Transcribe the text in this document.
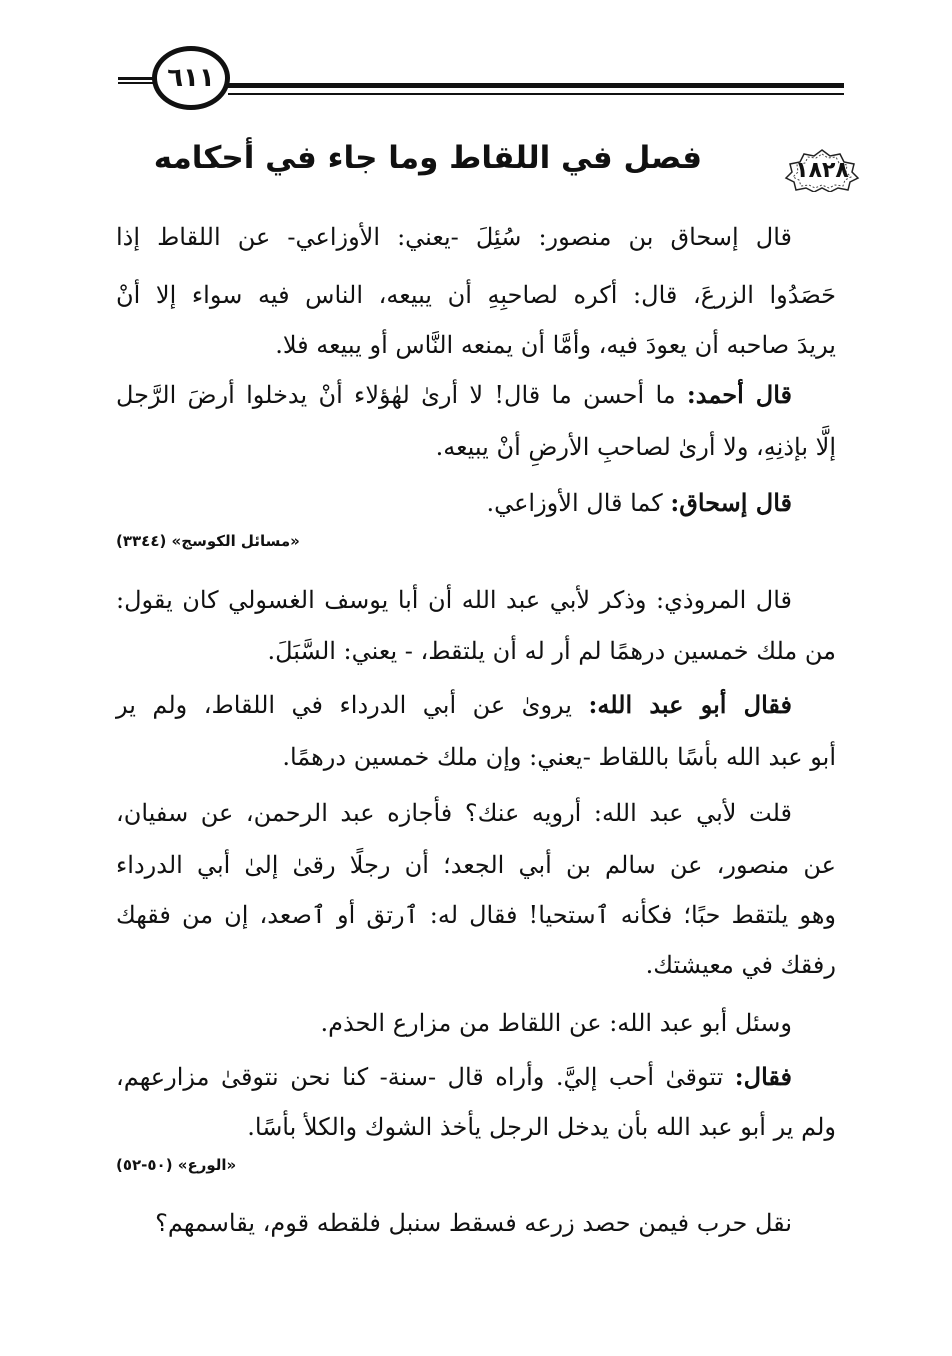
٦١١
١٨٢٨
فصل في اللقاط وما جاء في أحكامه
قال إسحاق بن منصور: سُئِلَ -يعني: الأوزاعي- عن اللقاط إذا
حَصَدُوا الزرعَ، قال: أكره لصاحبِهِ أن يبيعه، الناس فيه سواء إلا أنْ
يريدَ صاحبه أن يعودَ فيه، وأمَّا أن يمنعه النَّاس أو يبيعه فلا.
قال أحمد: ما أحسن ما قال! لا أرىٰ لهٰؤلاء أنْ يدخلوا أرضَ الرَّجل
إلَّا بإذنِهِ، ولا أرىٰ لصاحبِ الأرضِ أنْ يبيعه.
قال إسحاق: كما قال الأوزاعي.
«مسائل الكوسج» (٣٣٤٤)
قال المروذي: وذكر لأبي عبد الله أن أبا يوسف الغسولي كان يقول:
من ملك خمسين درهمًا لم أر له أن يلتقط، - يعني: السَّبَلَ.
فقال أبو عبد الله: يروىٰ عن أبي الدرداء في اللقاط، ولم ير
أبو عبد الله بأسًا باللقاط -يعني: وإن ملك خمسين درهمًا.
قلت لأبي عبد الله: أرويه عنك؟ فأجازه عبد الرحمن، عن سفيان،
عن منصور، عن سالم بن أبي الجعد؛ أن رجلًا رقىٰ إلىٰ أبي الدرداء
وهو يلتقط حبًا؛ فكأنه ٱستحيا! فقال له: ٱرتق أو ٱصعد، إن من فقهك
رفقك في معيشتك.
وسئل أبو عبد الله: عن اللقاط من مزارع الحذم.
فقال: تتوقىٰ أحب إليَّ. وأراه قال -سنة- كنا نحن نتوقىٰ مزارعهم،
ولم ير أبو عبد الله بأن يدخل الرجل يأخذ الشوك والكلأ بأسًا.
«الورع» (٥٠-٥٢)
نقل حرب فيمن حصد زرعه فسقط سنبل فلقطه قوم، يقاسمهم؟
